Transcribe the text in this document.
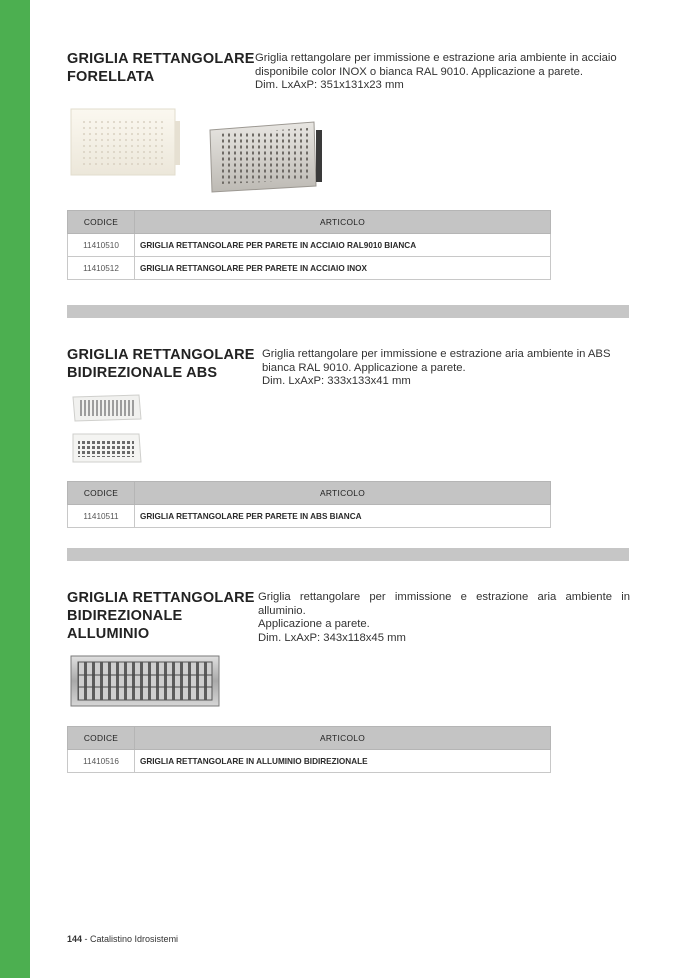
GRIGLIA RETTANGOLARE
FORELLATA
Griglia rettangolare per immissione e estrazione aria ambiente in acciaio
disponibile color INOX o bianca RAL 9010. Applicazione a parete.
Dim. LxAxP: 351x131x23 mm
CODICE	ARTICOLO
11410510	GRIGLIA RETTANGOLARE PER PARETE IN ACCIAIO RAL9010 BIANCA
11410512	GRIGLIA RETTANGOLARE PER PARETE IN ACCIAIO INOX
GRIGLIA RETTANGOLARE
BIDIREZIONALE ABS
Griglia rettangolare per immissione e estrazione aria ambiente in ABS
bianca RAL 9010. Applicazione a parete.
Dim. LxAxP: 333x133x41 mm
CODICE	ARTICOLO
11410511	GRIGLIA RETTANGOLARE PER PARETE IN ABS BIANCA
GRIGLIA RETTANGOLARE
BIDIREZIONALE
ALLUMINIO
Griglia rettangolare per immissione e estrazione aria ambiente in alluminio.
Applicazione a parete.
Dim. LxAxP: 343x118x45 mm
CODICE	ARTICOLO
11410516	GRIGLIA RETTANGOLARE IN ALLUMINIO BIDIREZIONALE
144 - Catalistino Idrosistemi
